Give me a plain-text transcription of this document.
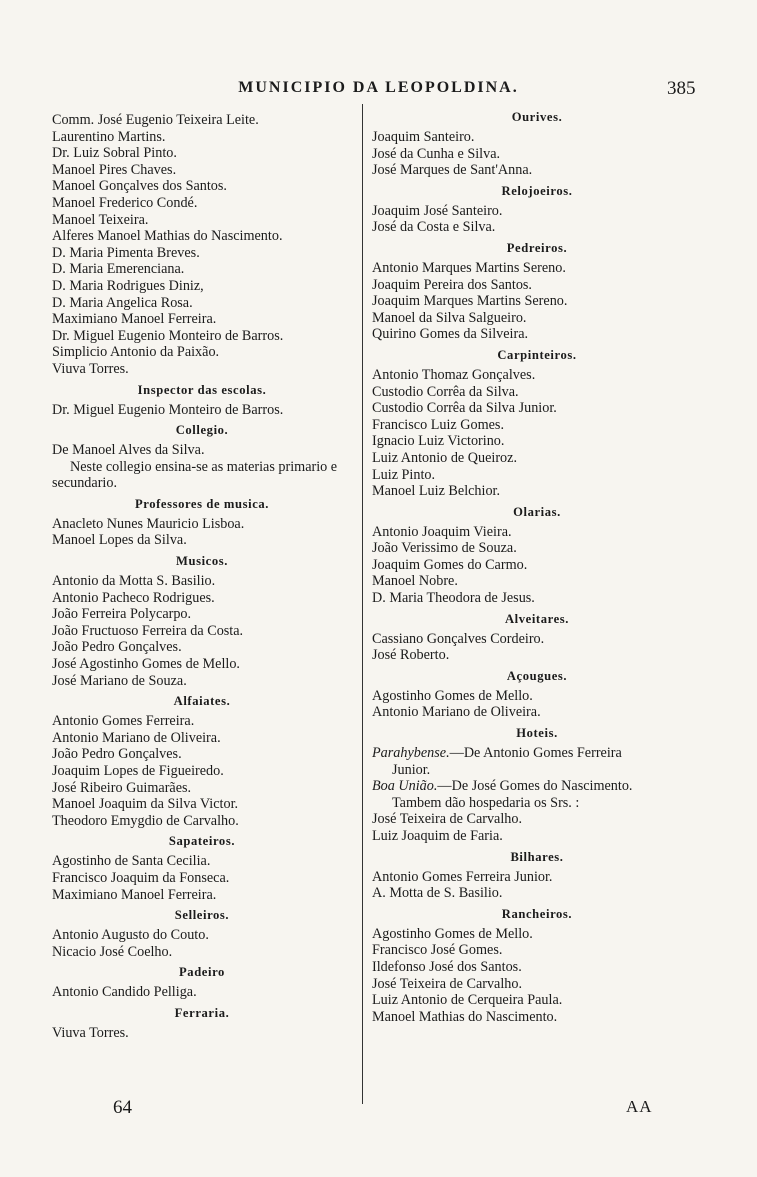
MUNICIPIO DA LEOPOLDINA.	385
Comm. José Eugenio Teixeira Leite.
Laurentino Martins.
Dr. Luiz Sobral Pinto.
Manoel Pires Chaves.
Manoel Gonçalves dos Santos.
Manoel Frederico Condé.
Manoel Teixeira.
Alferes Manoel Mathias do Nascimento.
D. Maria Pimenta Breves.
D. Maria Emerenciana.
D. Maria Rodrigues Diniz,
D. Maria Angelica Rosa.
Maximiano Manoel Ferreira.
Dr. Miguel Eugenio Monteiro de Barros.
Simplicio Antonio da Paixão.
Viuva Torres.
Inspector das escolas.
Dr. Miguel Eugenio Monteiro de Barros.
Collegio.
De Manoel Alves da Silva.
Neste collegio ensina-se as materias primario e secundario.
Professores de musica.
Anacleto Nunes Mauricio Lisboa.
Manoel Lopes da Silva.
Musicos.
Antonio da Motta S. Basilio.
Antonio Pacheco Rodrigues.
João Ferreira Polycarpo.
João Fructuoso Ferreira da Costa.
João Pedro Gonçalves.
José Agostinho Gomes de Mello.
José Mariano de Souza.
Alfaiates.
Antonio Gomes Ferreira.
Antonio Mariano de Oliveira.
João Pedro Gonçalves.
Joaquim Lopes de Figueiredo.
José Ribeiro Guimarães.
Manoel Joaquim da Silva Victor.
Theodoro Emygdio de Carvalho.
Sapateiros.
Agostinho de Santa Cecilia.
Francisco Joaquim da Fonseca.
Maximiano Manoel Ferreira.
Selleiros.
Antonio Augusto do Couto.
Nicacio José Coelho.
Padeiro
Antonio Candido Pelliga.
Ferraria.
Viuva Torres.
Ourives.
Joaquim Santeiro.
José da Cunha e Silva.
José Marques de Sant'Anna.
Relojoeiros.
Joaquim José Santeiro.
José da Costa e Silva.
Pedreiros.
Antonio Marques Martins Sereno.
Joaquim Pereira dos Santos.
Joaquim Marques Martins Sereno.
Manoel da Silva Salgueiro.
Quirino Gomes da Silveira.
Carpinteiros.
Antonio Thomaz Gonçalves.
Custodio Corrêa da Silva.
Custodio Corrêa da Silva Junior.
Francisco Luiz Gomes.
Ignacio Luiz Victorino.
Luiz Antonio de Queiroz.
Luiz Pinto.
Manoel Luiz Belchior.
Olarias.
Antonio Joaquim Vieira.
João Verissimo de Souza.
Joaquim Gomes do Carmo.
Manoel Nobre.
D. Maria Theodora de Jesus.
Alveitares.
Cassiano Gonçalves Cordeiro.
José Roberto.
Açougues.
Agostinho Gomes de Mello.
Antonio Mariano de Oliveira.
Hoteis.
Parahybense.—De Antonio Gomes Ferreira
Junior.
Boa União.—De José Gomes do Nascimento.
Tambem dão hospedaria os Srs. :
José Teixeira de Carvalho.
Luiz Joaquim de Faria.
Bilhares.
Antonio Gomes Ferreira Junior.
A. Motta de S. Basilio.
Rancheiros.
Agostinho Gomes de Mello.
Francisco José Gomes.
Ildefonso José dos Santos.
José Teixeira de Carvalho.
Luiz Antonio de Cerqueira Paula.
Manoel Mathias do Nascimento.
64	AA
